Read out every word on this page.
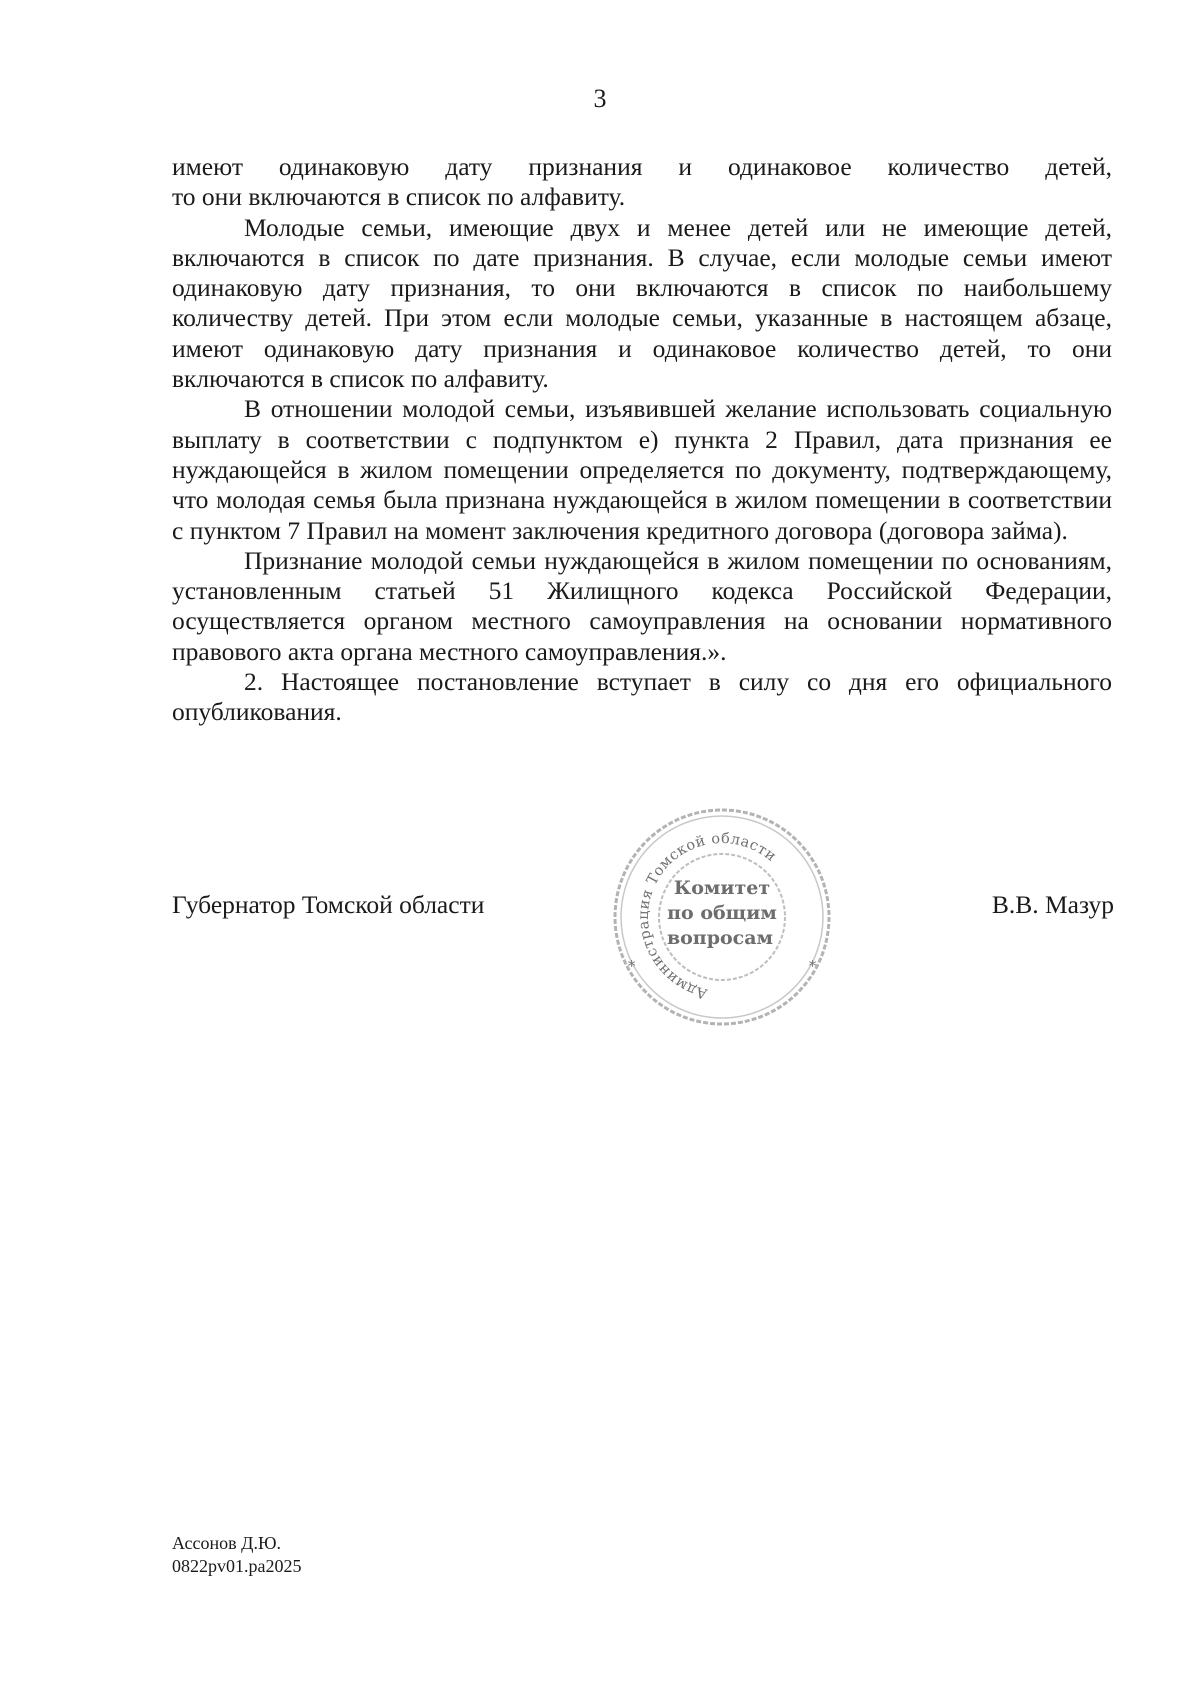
3

имеют одинаковую дату признания и одинаковое количество детей,

то они включаются в список по алфавиту.

Молодые семьи, имеющие двух и менее детей или не имеющие детей, включаются в список по дате признания. В случае, если молодые семьи имеют одинаковую дату признания, то они включаются в список по наибольшему количеству детей. При этом если молодые семьи, указанные в настоящем абзаце, имеют одинаковую дату признания и одинаковое количество детей, то они включаются в список по алфавиту.

В отношении молодой семьи, изъявившей желание использовать социальную выплату в соответствии с подпунктом е) пункта 2 Правил, дата признания ее нуждающейся в жилом помещении определяется по документу, подтверждающему, что молодая семья была признана нуждающейся в жилом помещении в соответствии с пунктом 7 Правил на момент заключения кредитного договора (договора займа).

Признание молодой семьи нуждающейся в жилом помещении по основаниям, установленным статьей 51 Жилищного кодекса Российской Федерации, осуществляется органом местного самоуправления на основании нормативного правового акта органа местного самоуправления.».

2. Настоящее постановление вступает в силу со дня его официального опубликования.

Губернатор Томской области	В.В. Мазур
Администрация Томской области
*	*
Комитет
по общим
вопросам
Ассонов Д.Ю.
0822pv01.pa2025
